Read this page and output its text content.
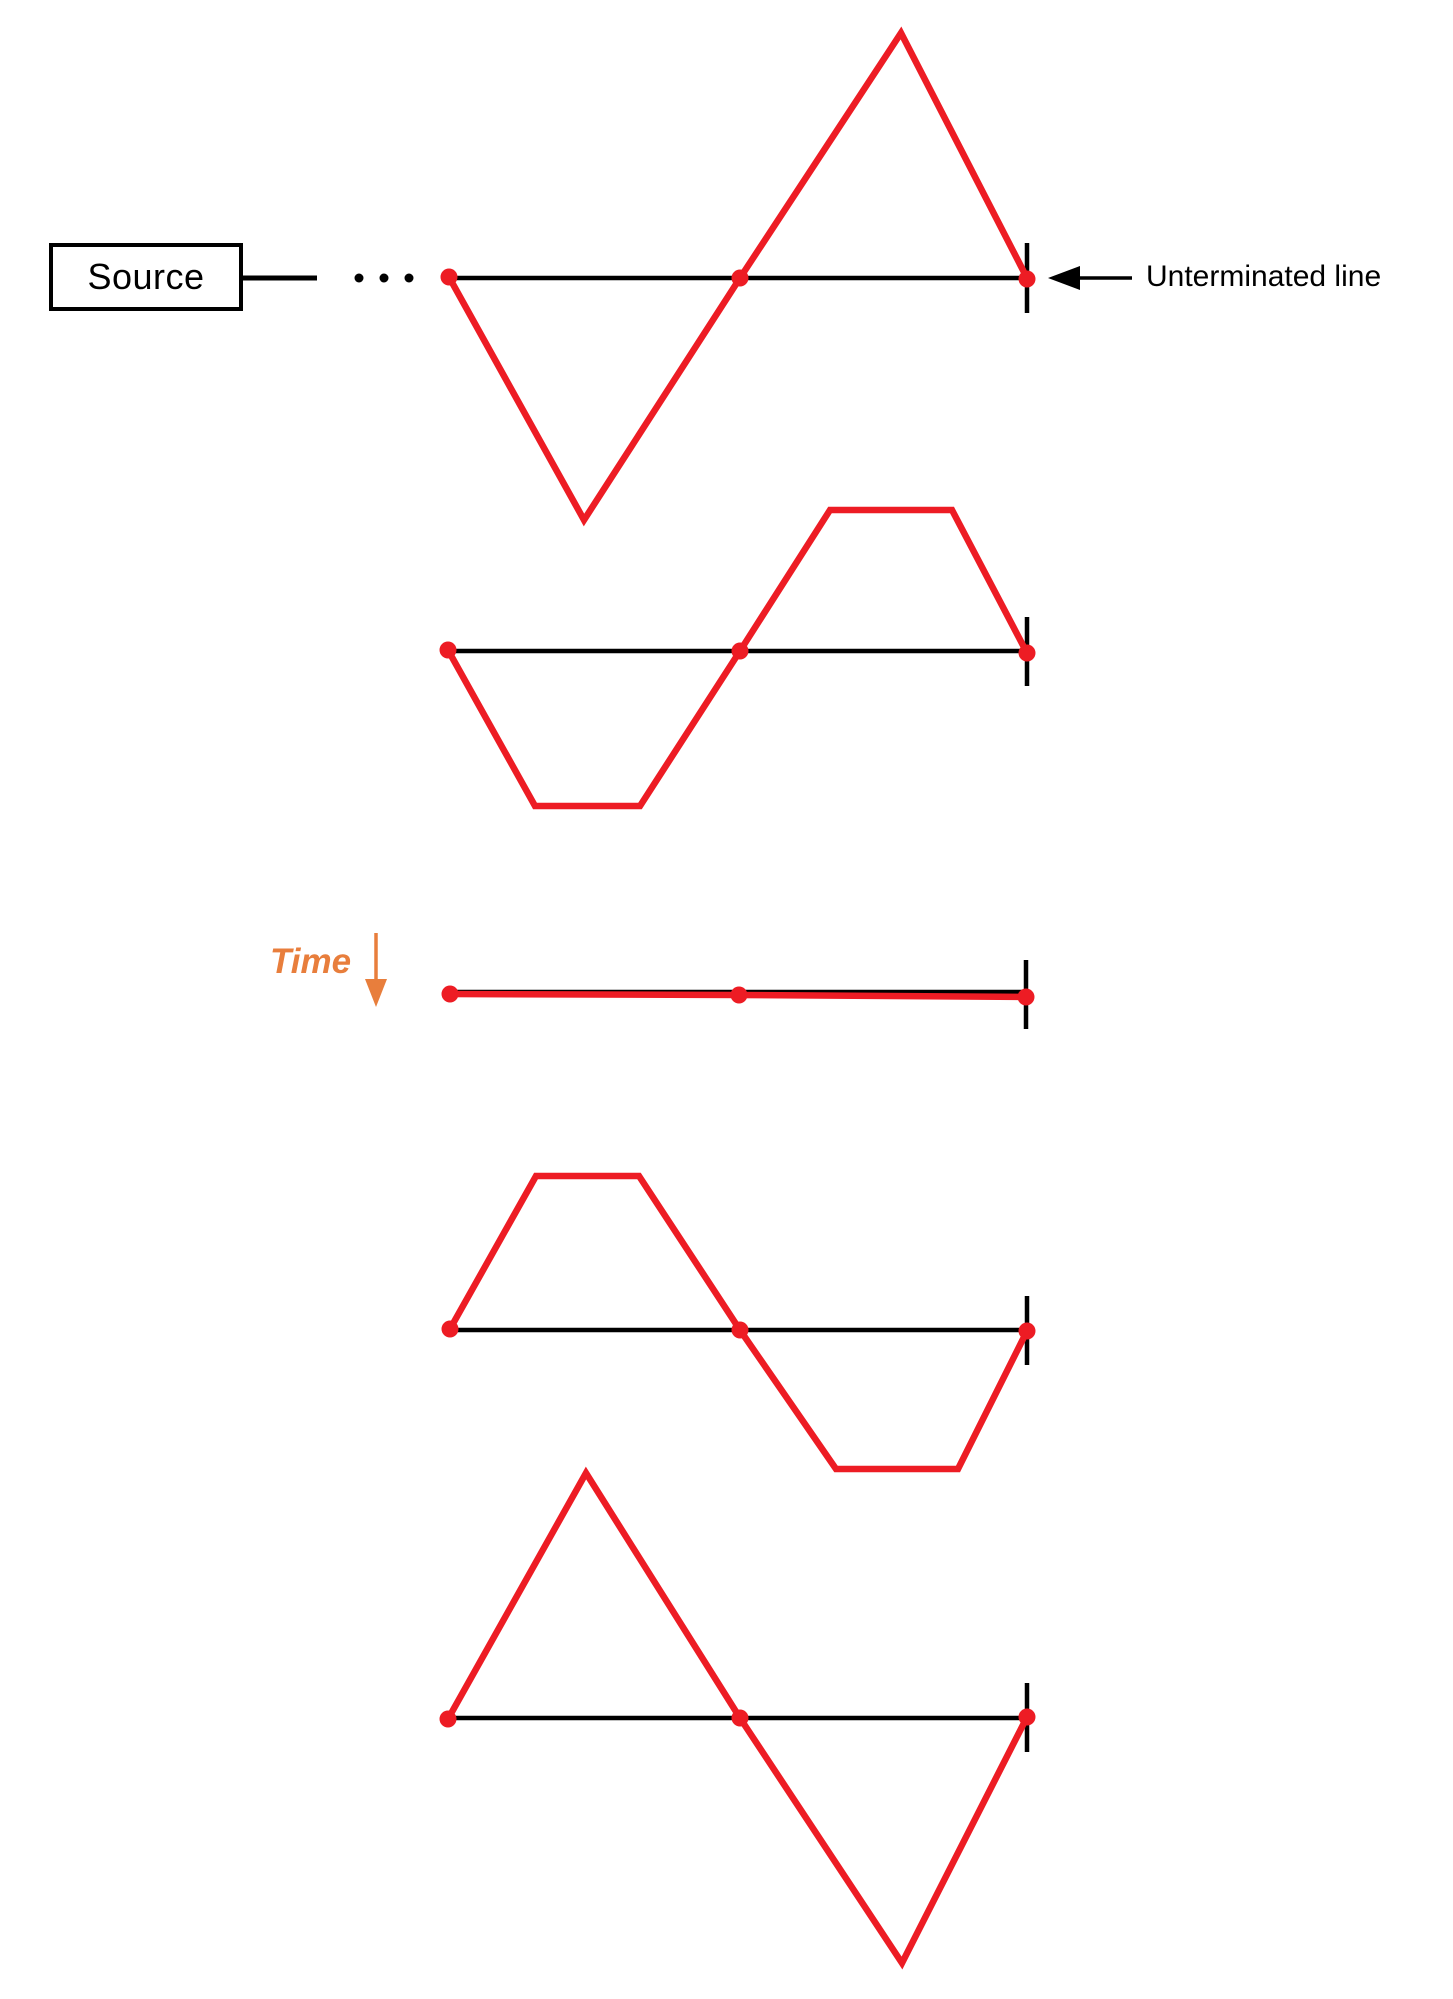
Source
Time
Unterminated line
